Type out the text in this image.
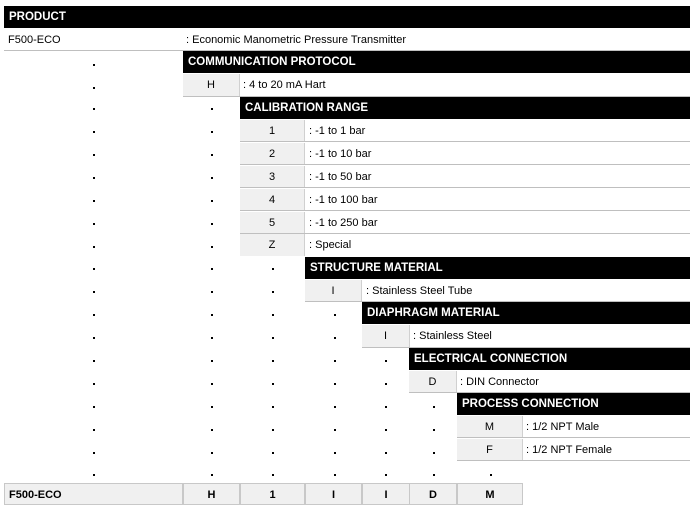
PRODUCT
F500-ECO	: Economic Manometric Pressure Transmitter
COMMUNICATION PROTOCOL
H	: 4 to 20 mA Hart
CALIBRATION RANGE
1	: -1 to 1 bar
2	: -1 to 10 bar
3	: -1 to 50 bar
4	: -1 to 100 bar
5	: -1 to 250 bar
Z	: Special
STRUCTURE MATERIAL
I	: Stainless Steel Tube
DIAPHRAGM MATERIAL
I	: Stainless Steel
ELECTRICAL CONNECTION
D	: DIN Connector
PROCESS CONNECTION
M	: 1/2 NPT Male
F	: 1/2 NPT Female
F500-ECO	H	1	I	I	D	M
